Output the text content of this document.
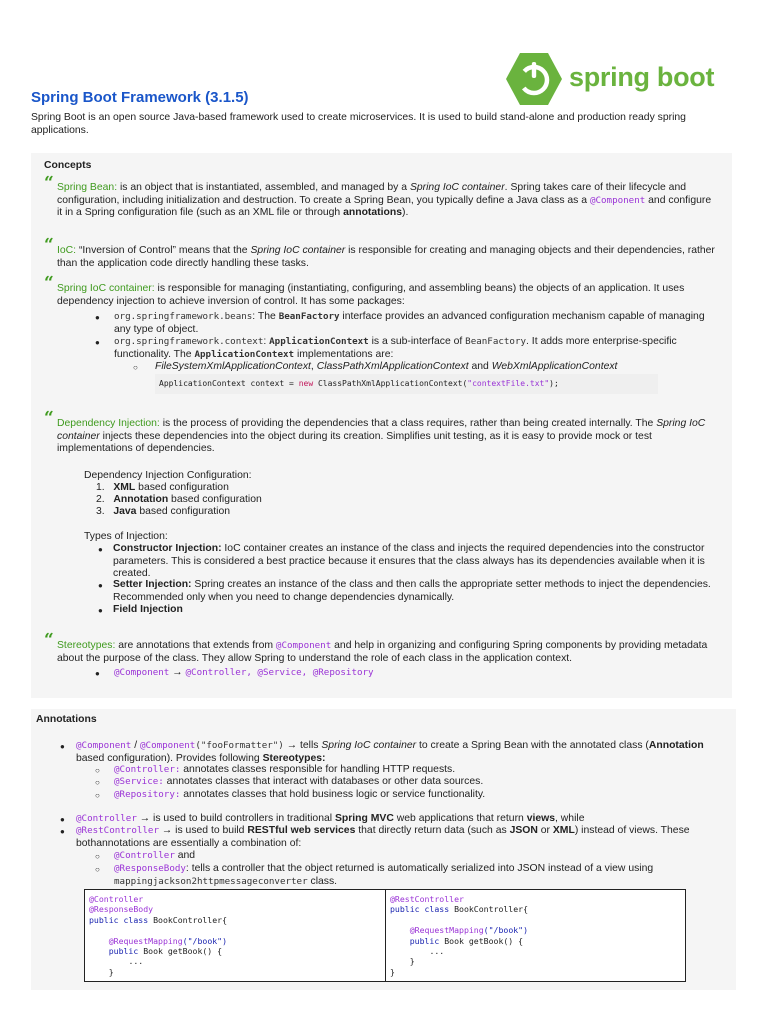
spring boot
Spring Boot Framework (3.1.5)
Spring Boot is an open source Java-based framework used to create microservices. It is used to build stand-alone and production ready spring applications.
Concepts
“ Spring Bean: is an object that is instantiated, assembled, and managed by a Spring IoC container. Spring takes care of their lifecycle and configuration, including initialization and destruction. To create a Spring Bean, you typically define a Java class as a @Component and configure it in a Spring configuration file (such as an XML file or through annotations).
“ IoC: “Inversion of Control” means that the Spring IoC container is responsible for creating and managing objects and their dependencies, rather than the application code directly handling these tasks.
“ Spring IoC container: is responsible for managing (instantiating, configuring, and assembling beans) the objects of an application. It uses dependency injection to achieve inversion of control. It has some packages:
● org.springframework.beans: The BeanFactory interface provides an advanced configuration mechanism capable of managing any type of object.
● org.springframework.context: ApplicationContext is a sub-interface of BeanFactory. It adds more enterprise-specific functionality. The ApplicationContext implementations are:
○ FileSystemXmlApplicationContext, ClassPathXmlApplicationContext and WebXmlApplicationContext
ApplicationContext context = new ClassPathXmlApplicationContext("contextFile.txt");
“ Dependency Injection: is the process of providing the dependencies that a class requires, rather than being created internally. The Spring IoC container injects these dependencies into the object during its creation. Simplifies unit testing, as it is easy to provide mock or test implementations of dependencies.
Dependency Injection Configuration:
1. XML based configuration
2. Annotation based configuration
3. Java based configuration
Types of Injection:
● Constructor Injection: IoC container creates an instance of the class and injects the required dependencies into the constructor parameters. This is considered a best practice because it ensures that the class always has its dependencies available when it is created.
● Setter Injection: Spring creates an instance of the class and then calls the appropriate setter methods to inject the dependencies. Recommended only when you need to change dependencies dynamically.
● Field Injection
“ Stereotypes: are annotations that extends from @Component and help in organizing and configuring Spring components by providing metadata about the purpose of the class. They allow Spring to understand the role of each class in the application context.
● @Component → @Controller, @Service, @Repository
Annotations
● @Component / @Component("fooFormatter") → tells Spring IoC container to create a Spring Bean with the annotated class (Annotation based configuration). Provides following Stereotypes:
○ @Controller: annotates classes responsible for handling HTTP requests.
○ @Service: annotates classes that interact with databases or other data sources.
○ @Repository: annotates classes that hold business logic or service functionality.
● @Controller → is used to build controllers in traditional Spring MVC web applications that return views, while
● @RestController → is used to build RESTful web services that directly return data (such as JSON or XML) instead of views. These bothannotations are essentially a combination of:
○ @Controller and
○ @ResponseBody: tells a controller that the object returned is automatically serialized into JSON instead of a view using mappingjackson2httpmessageconverter class.
@Controller
@ResponseBody
public class BookController{

@RequestMapping("/book")
public Book getBook() {
...
}
@RestController
public class BookController{

@RequestMapping("/book")
public Book getBook() {
...
}
}
